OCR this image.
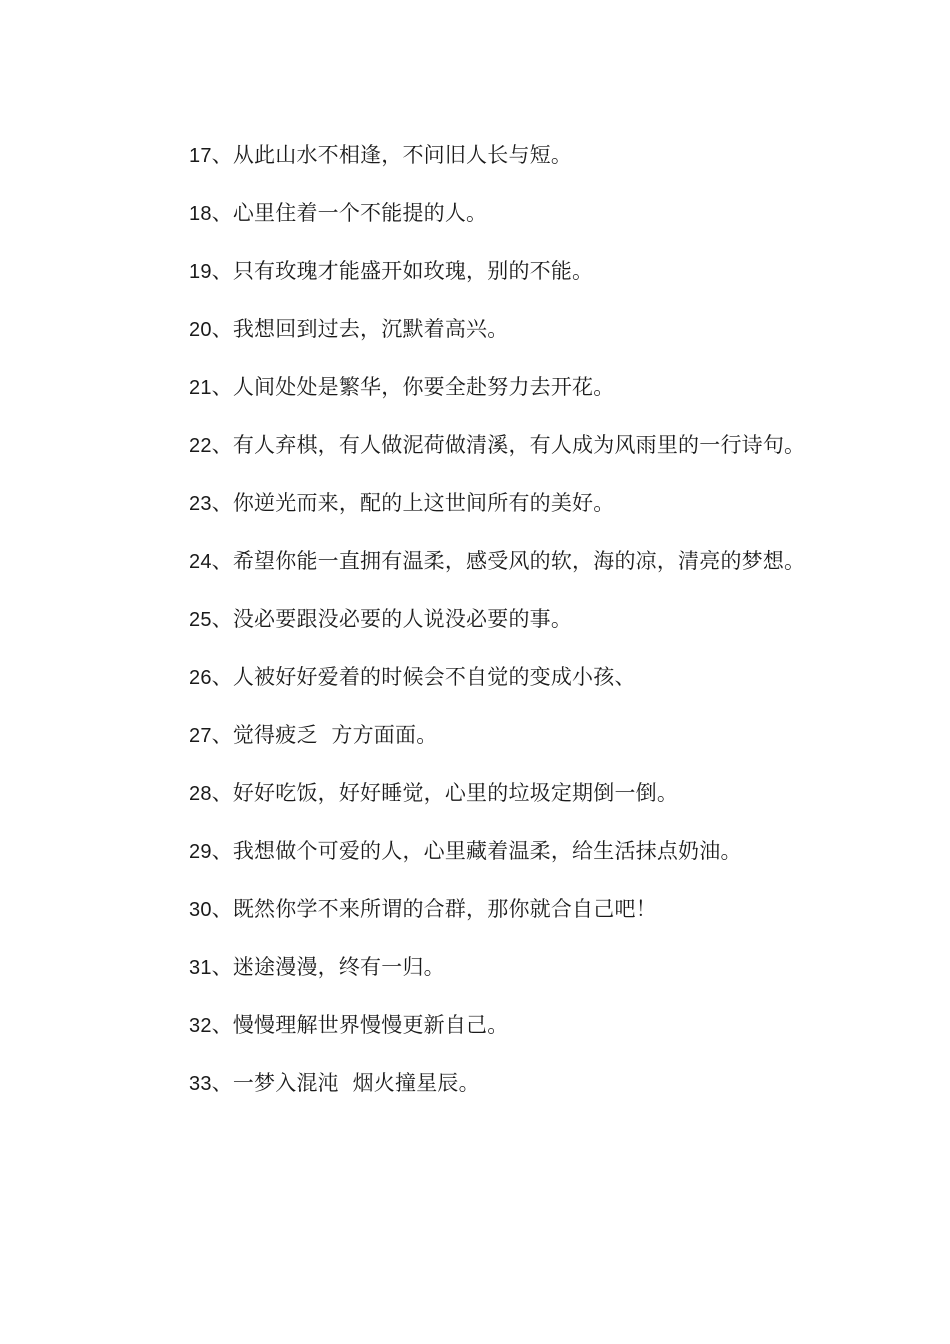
17、从此山水不相逢，不问旧人长与短。

18、心里住着一个不能提的人。

19、只有玫瑰才能盛开如玫瑰，别的不能。

20、我想回到过去，沉默着高兴。

21、人间处处是繁华，你要全赴努力去开花。

22、有人弃棋，有人做泥荷做清溪，有人成为风雨里的一行诗句。

23、你逆光而来，配的上这世间所有的美好。

24、希望你能一直拥有温柔，感受风的软，海的凉，清亮的梦想。

25、没必要跟没必要的人说没必要的事。

26、人被好好爱着的时候会不自觉的变成小孩、

27、觉得疲乏  方方面面。

28、好好吃饭，好好睡觉，心里的垃圾定期倒一倒。

29、我想做个可爱的人，心里藏着温柔，给生活抹点奶油。

30、既然你学不来所谓的合群，那你就合自己吧！

31、迷途漫漫，终有一归。

32、慢慢理解世界慢慢更新自己。

33、一梦入混沌  烟火撞星辰。
